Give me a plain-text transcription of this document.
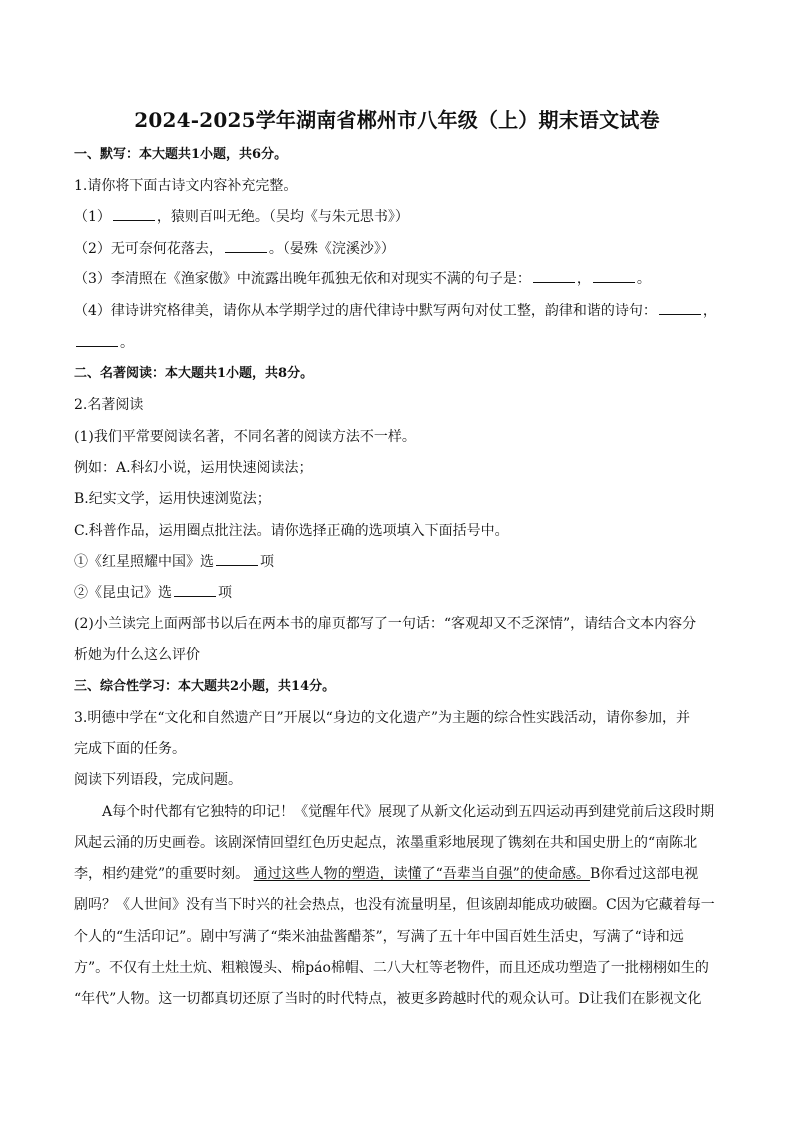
2024-2025学年湖南省郴州市八年级（上）期末语文试卷
一、默写：本大题共1小题，共6分。
1.请你将下面古诗文内容补充完整。
（1）	，猿则百叫无绝。（吴均《与朱元思书》）
（2）无可奈何花落去，	。（晏殊《浣溪沙》）
（3）李清照在《渔家傲》中流露出晚年孤独无依和对现实不满的句子是：	，	。
（4）律诗讲究格律美，请你从本学期学过的唐代律诗中默写两句对仗工整，韵律和谐的诗句：	，
。
二、名著阅读：本大题共1小题，共8分。
2.名著阅读
(1)我们平常要阅读名著，不同名著的阅读方法不一样。
例如：A.科幻小说，运用快速阅读法；
B.纪实文学，运用快速浏览法；
C.科普作品，运用圈点批注法。请你选择正确的选项填入下面括号中。
①《红星照耀中国》选	项
②《昆虫记》选	项
(2)小兰读完上面两部书以后在两本书的扉页都写了一句话：“客观却又不乏深情”，请结合文本内容分
析她为什么这么评价
三、综合性学习：本大题共2小题，共14分。
3.明德中学在“文化和自然遗产日”开展以“身边的文化遗产”为主题的综合性实践活动，请你参加，并
完成下面的任务。
阅读下列语段，完成问题。
A每个时代都有它独特的印记！《觉醒年代》展现了从新文化运动到五四运动再到建党前后这段时期
风起云涌的历史画卷。该剧深情回望红色历史起点，浓墨重彩地展现了镌刻在共和国史册上的“南陈北
李，相约建党”的重要时刻。 通过这些人物的塑造，读懂了“吾辈当自强”的使命感。B你看过这部电视
剧吗？《人世间》没有当下时兴的社会热点，也没有流量明星，但该剧却能成功破圈。C因为它藏着每一
个人的“生活印记”。剧中写满了“柴米油盐酱醋茶”，写满了五十年中国百姓生活史，写满了“诗和远
方”。不仅有土灶土炕、粗粮馒头、棉páo棉帽、二八大杠等老物件，而且还成功塑造了一批栩栩如生的
“年代”人物。这一切都真切还原了当时的时代特点，被更多跨越时代的观众认可。D让我们在影视文化
